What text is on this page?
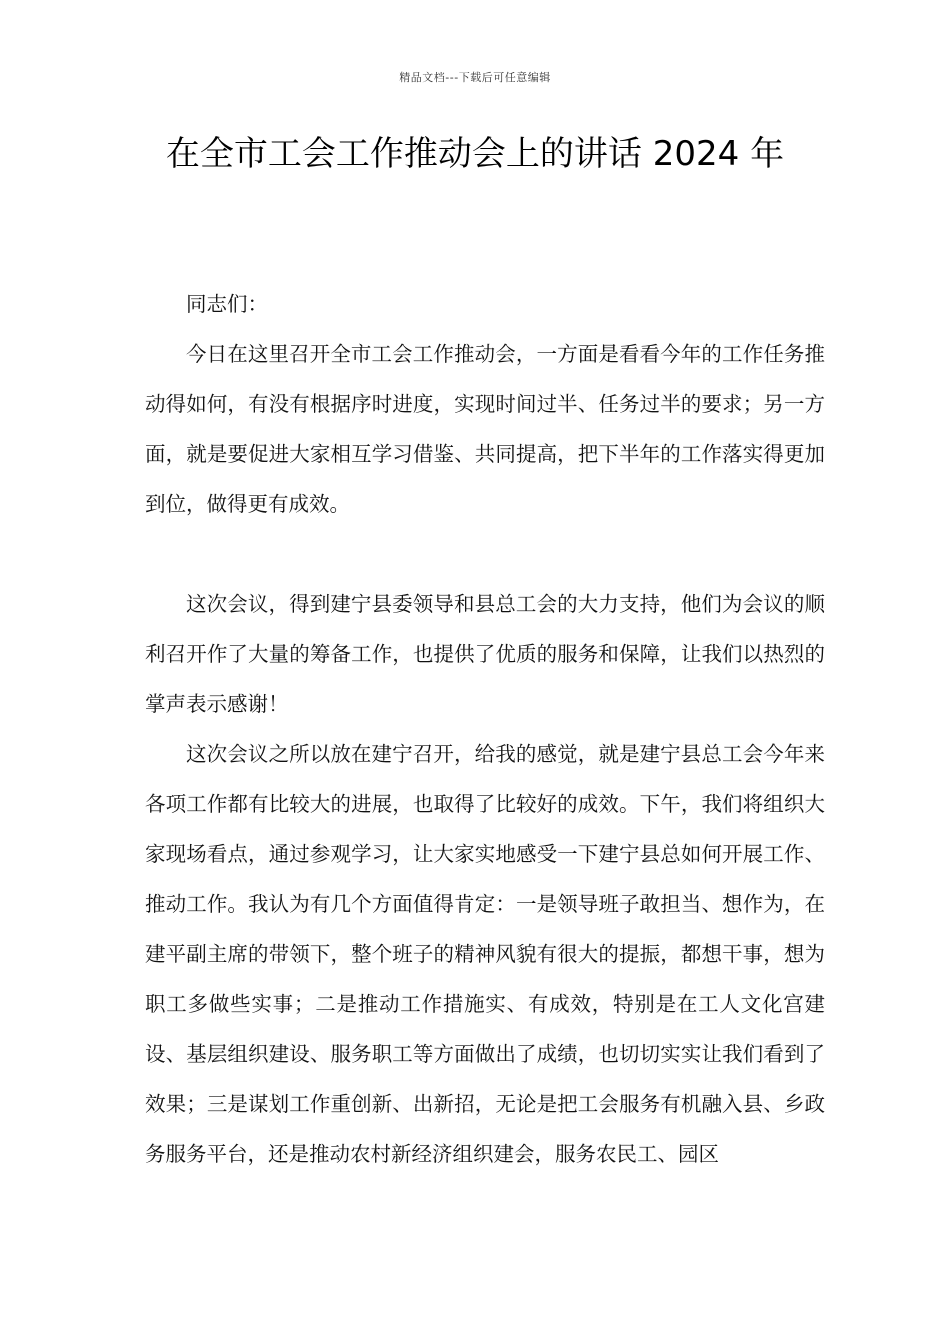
精品文档---下载后可任意编辑
在全市工会工作推动会上的讲话 2024 年

同志们：

今日在这里召开全市工会工作推动会，一方面是看看今年的工作任务推动得如何，有没有根据序时进度，实现时间过半、任务过半的要求；另一方面，就是要促进大家相互学习借鉴、共同提高，把下半年的工作落实得更加到位，做得更有成效。

这次会议，得到建宁县委领导和县总工会的大力支持，他们为会议的顺利召开作了大量的筹备工作，也提供了优质的服务和保障，让我们以热烈的掌声表示感谢！

这次会议之所以放在建宁召开，给我的感觉，就是建宁县总工会今年来各项工作都有比较大的进展，也取得了比较好的成效。下午，我们将组织大家现场看点，通过参观学习，让大家实地感受一下建宁县总如何开展工作、推动工作。我认为有几个方面值得肯定：一是领导班子敢担当、想作为，在建平副主席的带领下，整个班子的精神风貌有很大的提振，都想干事，想为职工多做些实事；二是推动工作措施实、有成效，特别是在工人文化宫建设、基层组织建设、服务职工等方面做出了成绩，也切切实实让我们看到了效果；三是谋划工作重创新、出新招，无论是把工会服务有机融入县、乡政务服务平台，还是推动农村新经济组织建会，服务农民工、园区
